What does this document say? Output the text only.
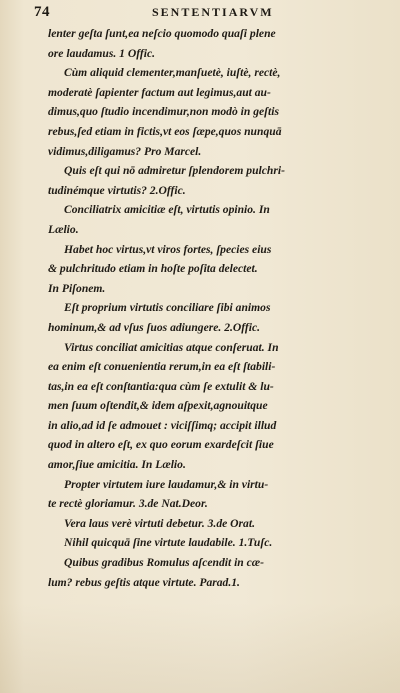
74	SENTENTIARVM
lenter geſta ſunt,ea neſcio quomodo quaſi plene
ore laudamus. 1 Offic.
Cùm aliquid clementer,manſuetè, iuſtè, rectè,
moderatè ſapienter factum aut legimus,aut au-
dimus,quo ſtudio incendimur,non modò in geſtis
rebus,ſed etiam in fictis,vt eos ſæpe,quos nunquā
vidimus,diligamus? Pro Marcel.
Quis eſt qui nō admiretur ſplendorem pulchri-
tudinémque virtutis? 2.Offic.
Conciliatrix amicitiæ eſt, virtutis opinio. In
Lælio.
Habet hoc virtus,vt viros fortes, ſpecies eius
& pulchritudo etiam in hoſte poſita delectet.
In Piſonem.
Eſt proprium virtutis conciliare ſibi animos
hominum,& ad vſus ſuos adiungere. 2.Offic.
Virtus conciliat amicitias atque conſeruat. In
ea enim eſt conuenientia rerum,in ea eſt ſtabili-
tas,in ea eſt conſtantia:qua cùm ſe extulit & lu-
men ſuum oſtendit,& idem aſpexit,agnouitque
in alio,ad id ſe admouet : viciſſimq; accipit illud
quod in altero eſt, ex quo eorum exardeſcit ſiue
amor,ſiue amicitia. In Lælio.
Propter virtutem iure laudamur,& in virtu-
te rectè gloriamur. 3.de Nat.Deor.
Vera laus verè virtuti debetur. 3.de Orat.
Nihil quicquā ſine virtute laudabile. 1.Tuſc.
Quibus gradibus Romulus aſcendit in cæ-
lum? rebus geſtis atque virtute. Parad.1.
